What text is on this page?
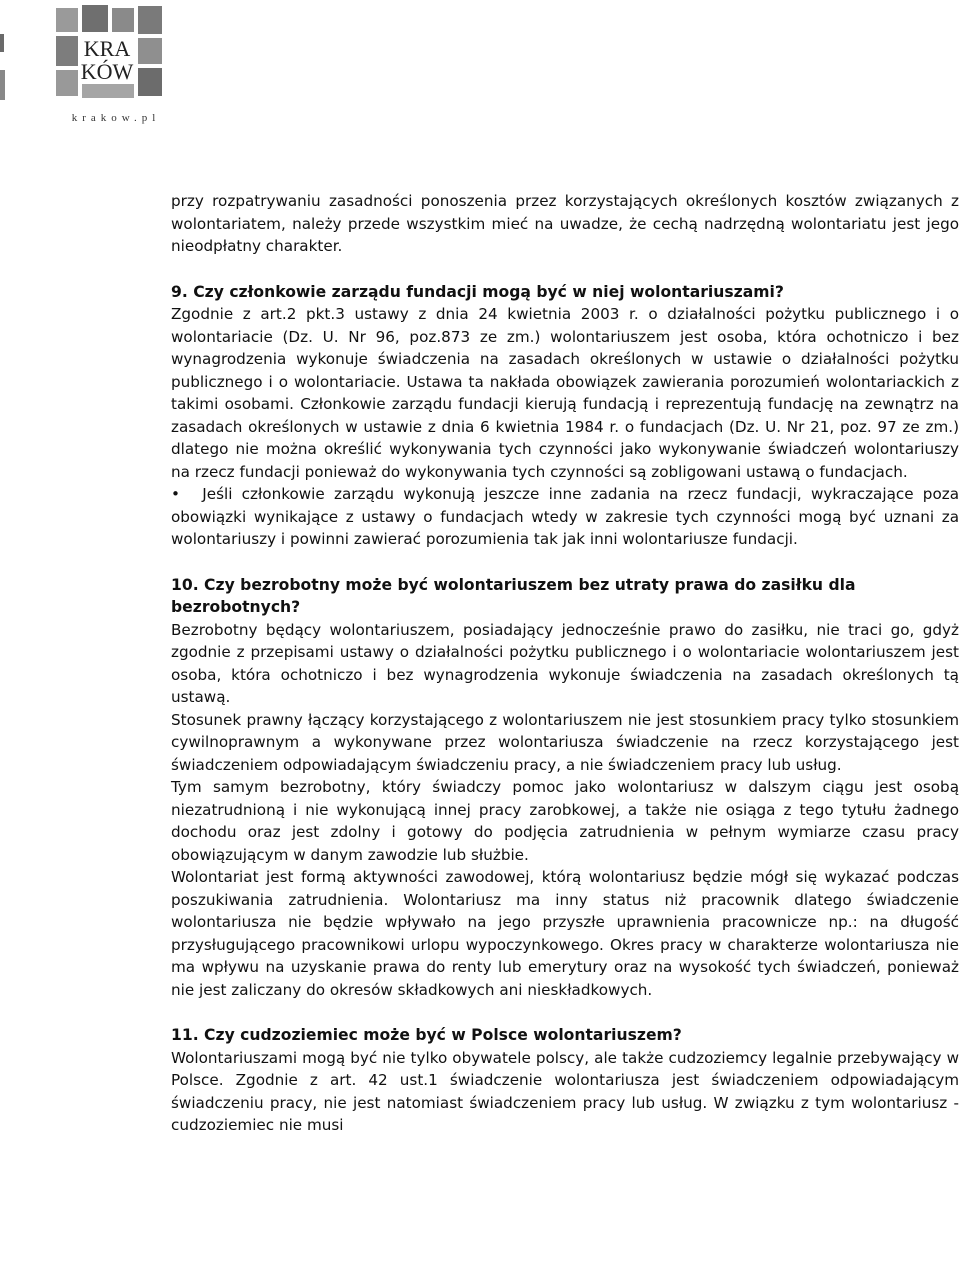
KRA
KÓW
krakow.pl

przy rozpatrywaniu zasadności ponoszenia przez korzystających określonych kosztów związanych z wolontariatem, należy przede wszystkim mieć na uwadze, że cechą nadrzędną wolontariatu jest jego nieodpłatny charakter.

9. Czy członkowie zarządu fundacji mogą być w niej wolontariuszami?

Zgodnie z art.2 pkt.3 ustawy z dnia 24 kwietnia 2003 r. o działalności pożytku publicznego i o wolontariacie (Dz. U. Nr 96, poz.873 ze zm.) wolontariuszem jest osoba, która ochotniczo i bez wynagrodzenia wykonuje świadczenia na zasadach określonych w ustawie o działalności pożytku publicznego i o wolontariacie. Ustawa ta nakłada obowiązek zawierania porozumień wolontariackich z takimi osobami. Członkowie zarządu fundacji kierują fundacją i reprezentują fundację na zewnątrz na zasadach określonych w ustawie z dnia 6 kwietnia 1984 r. o fundacjach (Dz. U. Nr 21, poz. 97 ze zm.) dlatego nie można określić wykonywania tych czynności jako wykonywanie świadczeń wolontariuszy na rzecz fundacji ponieważ do wykonywania tych czynności są zobligowani ustawą o fundacjach.

• Jeśli członkowie zarządu wykonują jeszcze inne zadania na rzecz fundacji, wykraczające poza obowiązki wynikające z ustawy o fundacjach wtedy w zakresie tych czynności mogą być uznani za wolontariuszy i powinni zawierać porozumienia tak jak inni wolontariusze fundacji.

10. Czy bezrobotny może być wolontariuszem bez utraty prawa do zasiłku dla bezrobotnych?

Bezrobotny będący wolontariuszem, posiadający jednocześnie prawo do zasiłku, nie traci go, gdyż zgodnie z przepisami ustawy o działalności pożytku publicznego i o wolontariacie wolontariuszem jest osoba, która ochotniczo i bez wynagrodzenia wykonuje świadczenia na zasadach określonych tą ustawą.

Stosunek prawny łączący korzystającego z wolontariuszem nie jest stosunkiem pracy tylko stosunkiem cywilnoprawnym a wykonywane przez wolontariusza świadczenie na rzecz korzystającego jest świadczeniem odpowiadającym świadczeniu pracy, a nie świadczeniem pracy lub usług.

Tym samym bezrobotny, który świadczy pomoc jako wolontariusz w dalszym ciągu jest osobą niezatrudnioną i nie wykonującą innej pracy zarobkowej, a także nie osiąga z tego tytułu żadnego dochodu oraz jest zdolny i gotowy do podjęcia zatrudnienia w pełnym wymiarze czasu pracy obowiązującym w danym zawodzie lub służbie.

Wolontariat jest formą aktywności zawodowej, którą wolontariusz będzie mógł się wykazać podczas poszukiwania zatrudnienia. Wolontariusz ma inny status niż pracownik dlatego świadczenie wolontariusza nie będzie wpływało na jego przyszłe uprawnienia pracownicze np.: na długość przysługującego pracownikowi urlopu wypoczynkowego. Okres pracy w charakterze wolontariusza nie ma wpływu na uzyskanie prawa do renty lub emerytury oraz na wysokość tych świadczeń, ponieważ nie jest zaliczany do okresów składkowych ani nieskładkowych.

11. Czy cudzoziemiec może być w Polsce wolontariuszem?

Wolontariuszami mogą być nie tylko obywatele polscy, ale także cudzoziemcy legalnie przebywający w Polsce. Zgodnie z art. 42 ust.1 świadczenie wolontariusza jest świadczeniem odpowiadającym świadczeniu pracy, nie jest natomiast świadczeniem pracy lub usług. W związku z tym wolontariusz - cudzoziemiec nie musi
